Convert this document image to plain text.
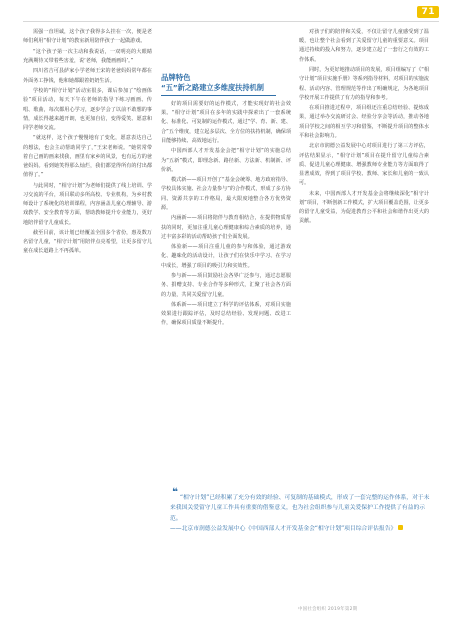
71

需强一直坦诚，这个孩子我得多么挂在一次，便是老师们利用“相守计划”的教室新用陪伴孩子一起做游戏。

“这个孩子第一次主动和我说话，一双明亮的大眼睛充满期待又带着些害羞，说‘老师，我能画画吗’。”

四川省吉可县萨家小学老师王宋的老爸妈妈常年都在外面务工挣钱，他和她都跟着奶奶生活。

学校的“相守计划”活动室很多，课后参加了“绘画体验”项目活动，每天下午在老师的指导下练习画画、传唱、歌曲，每次都用心学习，逐步学会了以前不敢想的事情，成长得越来越开朗，也更加自信，变得爱笑、愿意和同学老师交流。

“就这样，这个孩子慢慢地有了变化，愿意表达自己的想法，也会主动帮助同学了，”王宋老师说。“她常常带着自己画的画来找我，画里有家乡的风景，也有远方的爸爸妈妈。看到她笑得那么灿烂，我们都觉得所有的付出都值得了。”

与此同时，“相守计划”为老师们提供了线上培训、学习交流的平台，项目联动多所高校、专业机构，为乡村教师设计了系统化的培训课程，内容涵盖儿童心理辅导、游戏教学、安全教育等方面，帮助教师提升专业能力，更好地陪伴留守儿童成长。

截至目前，该计划已经覆盖全国多个省份，惠及数万名留守儿童，“相守计划”用陪伴点亮希望，让更多留守儿童在成长道路上不再孤单。

品牌特色
“五”新之路建立多维度扶持机制

好的项目需要好的运作模式，才能实现好的社会效果。“相守计划”项目在多年的实践中探索出了一套系统化、标准化、可复制的运作模式，通过“学、育、新、建、合”五个维度，建立起多层次、全方位的扶持机制，确保项目能够持续、高效地运行。

中国西部人才开发基金会把“相守计划”的实施总结为“五新”模式，即理念新、路径新、方法新、机制新、评价新。

模式新——项目开创了“基金会统筹、地方政府指导、学校具体实施、社会力量参与”的合作模式，形成了多方协同、资源共享的工作格局，最大限度地整合各方优势资源。

内涵新——项目将陪伴与教育相结合，在提供物质帮扶的同时，更加注重儿童心理健康和综合素质的培养，通过丰富多彩的活动帮助孩子们全面发展。

体验新——项目注重儿童的参与和体验，通过游戏化、趣味化的活动设计，让孩子们在快乐中学习、在学习中成长，增强了项目的吸引力和实效性。

参与新——项目鼓励社会各界广泛参与，通过志愿服务、捐赠支持、专业合作等多种形式，汇聚了社会各方面的力量，共同关爱留守儿童。

体系新——项目建立了科学的评估体系，对项目实施效果进行跟踪评估，及时总结经验、发现问题、改进工作，确保项目质量不断提升。

对孩子们的陪伴和关爱，不仅让留守儿童感受到了温暖，也让整个社会看到了关爱留守儿童的重要意义。项目通过持续的投入和努力，逐步建立起了一套行之有效的工作体系。

同时，为更好地推动项目的发展，项目组编写了《“相守计划”项目实施手册》等系列指导材料，对项目的实施流程、活动内容、管理规范等作出了明确规定，为各地项目学校开展工作提供了有力的指导和参考。

在项目推进过程中，项目组还注重总结经验、提炼成果，通过举办交流研讨会、经验分享会等活动，推动各地项目学校之间的相互学习和借鉴，不断提升项目的整体水平和社会影响力。

北京市润德公益发展中心对项目进行了第三方评估，评估结果显示，“相守计划”项目在提升留守儿童综合素质、促进儿童心理健康、增强教师专业能力等方面取得了显著成效，得到了项目学校、教师、家长和儿童的一致认可。

未来，中国西部人才开发基金会将继续深化“相守计划”项目，不断创新工作模式，扩大项目覆盖范围，让更多的留守儿童受益，为促进教育公平和社会和谐作出更大的贡献。

❝ “相守计划”已经积累了充分有效的经验、可复制的基础模式，形成了一套完整的运作体系，对于未来我国关爱留守儿童工作具有重要的借鉴意义，也为社会组织参与儿童关爱保护工作提供了有益的示范。

——北京市润德公益发展中心《中国西部人才开发基金会“相守计划”项目综合评估报告》

中国社会组织 2019年第2期
